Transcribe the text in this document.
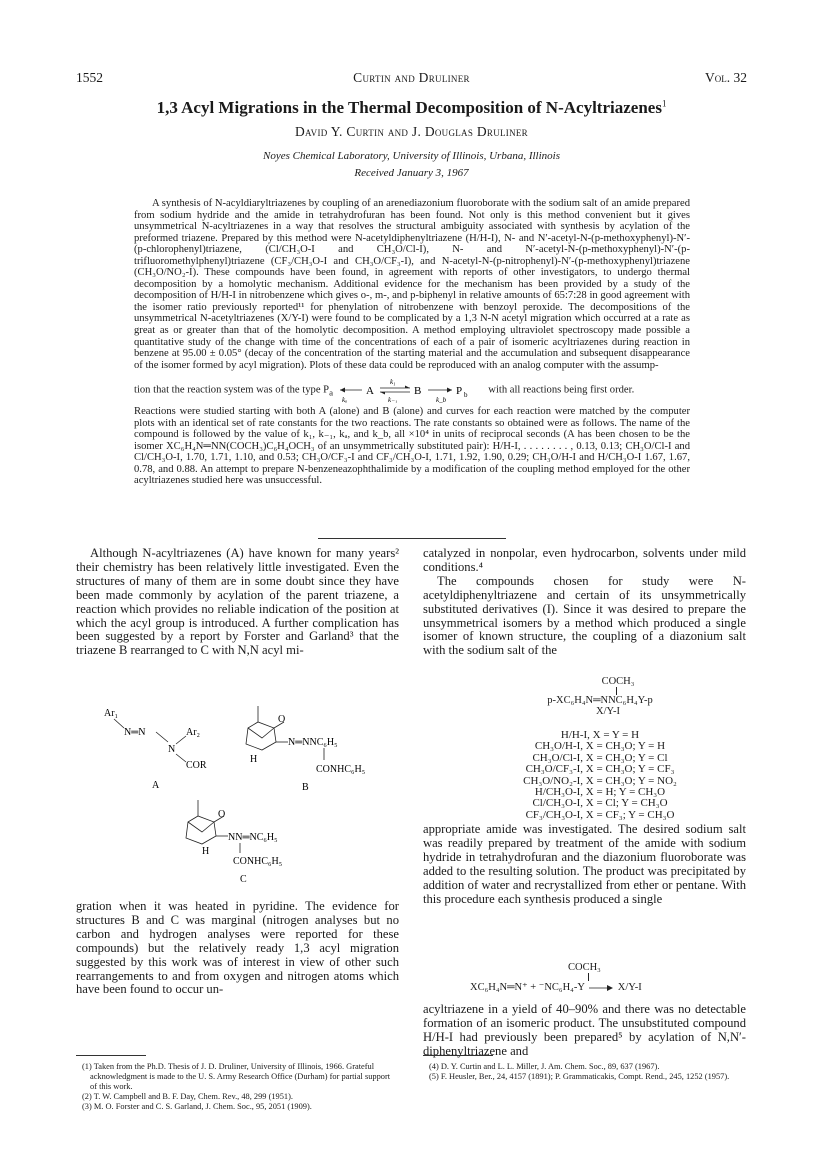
1552	Curtin and Druliner	Vol. 32
1,3 Acyl Migrations in the Thermal Decomposition of N-Acyltriazenes$^1$
David Y. Curtin and J. Douglas Druliner
Noyes Chemical Laboratory, University of Illinois, Urbana, Illinois
Received January 3, 1967

A synthesis of N-acyldiaryltriazenes by coupling of an arenediazonium fluoroborate with the sodium salt of an amide prepared from sodium hydride and the amide in tetrahydrofuran has been found. Not only is this method convenient but it gives unsymmetrical N-acyltriazenes in a way that resolves the structural ambiguity associated with synthesis by acylation of the preformed triazene. Prepared by this method were N-acetyldiphenyltriazene (H/H-I), N- and N′-acetyl-N-(p-methoxyphenyl)-N′-(p-chlorophenyl)triazene, (Cl/CH₃O-I and CH₃O/Cl-I), N- and N′-acetyl-N-(p-methoxyphenyl)-N′-(p-trifluoromethylphenyl)triazene (CF₃/CH₃O-I and CH₃O/CF₃-I), and N-acetyl-N-(p-nitrophenyl)-N′-(p-methoxyphenyl)triazene (CH₃O/NO₂-I). These compounds have been found, in agreement with reports of other investigators, to undergo thermal decomposition by a homolytic mechanism. Additional evidence for the mechanism has been provided by a study of the decomposition of H/H-I in nitrobenzene which gives o-, m-, and p-biphenyl in relative amounts of 65:7:28 in good agreement with the isomer ratio previously reported¹¹ for phenylation of nitrobenzene with benzoyl peroxide. The decompositions of the unsymmetrical N-acetyltriazenes (X/Y-I) were found to be complicated by a 1,3 N-N acetyl migration which occurred at a rate as great as or greater than that of the homolytic decomposition. A method employing ultraviolet spectroscopy made possible a quantitative study of the change with time of the concentrations of each of a pair of isomeric acyltriazenes during reaction in benzene at 95.00 ± 0.05° (decay of the concentration of the starting material and the accumulation and subsequent disappearance of the isomer formed by acyl migration). Plots of these data could be reproduced with an analog computer with the assump-

tion that the reaction system was of the type $P_a$
kₐ
A
k₁
k₋₁
B
k_b
P b with all reactions being first order.

Reactions were studied starting with both A (alone) and B (alone) and curves for each reaction were matched by the computer plots with an identical set of rate constants for the two reactions. The rate constants so obtained were as follows. The name of the compound is followed by the value of k₁, k₋₁, kₐ, and k_b, all ×10⁴ in units of reciprocal seconds (A has been chosen to be the isomer XC₆H₄N═NN(COCH₃)C₆H₄OCH₃ of an unsymmetrically substituted pair): H/H-I, . . . . . . . . , 0.13, 0.13; CH₃O/Cl-I and Cl/CH₃O-I, 1.70, 1.71, 1.10, and 0.53; CH₃O/CF₃-I and CF₃/CH₃O-I, 1.71, 1.92, 1.90, 0.29; CH₃O/H-I and H/CH₃O-I 1.67, 1.67, 0.78, and 0.88. An attempt to prepare N-benzeneazophthalimide by a modification of the coupling method employed for the other acyltriazenes studied here was unsuccessful.

Although N-acyltriazenes (A) have known for many years² their chemistry has been relatively little investigated. Even the structures of many of them are in some doubt since they have been made commonly by acylation of the parent triazene, a reaction which provides no reliable indication of the position at which the acyl group is introduced. A further complication has been suggested by a report by Forster and Garland³ that the triazene B rearranged to C with N,N acyl mi-

Ar₁
N═N
N
Ar₂
COR
A
O
N═NNC₆H₅
H
CONHC₆H₅
B
O
NN═NC₆H₅
H
CONHC₆H₅
C

gration when it was heated in pyridine. The evidence for structures B and C was marginal (nitrogen analyses but no carbon and hydrogen analyses were reported for these compounds) but the relatively ready 1,3 acyl migration suggested by this work was of interest in view of other such rearrangements to and from oxygen and nitrogen atoms which have been found to occur un-

catalyzed in nonpolar, even hydrocarbon, solvents under mild conditions.⁴

The compounds chosen for study were N-acetyldiphenyltriazene and certain of its unsymmetrically substituted derivatives (I). Since it was desired to prepare the unsymmetrical isomers by a method which produced a single isomer of known structure, the coupling of a diazonium salt with the sodium salt of the

COCH₃
p-XC₆H₄N═NNC₆H₄Y-p
X/Y-I
H/H-I, X = Y = H
CH₃O/H-I, X = CH₃O; Y = H
CH₃O/Cl-I, X = CH₃O; Y = Cl
CH₃O/CF₃-I, X = CH₃O; Y = CF₃
CH₃O/NO₂-I, X = CH₃O; Y = NO₂
H/CH₃O-I, X = H; Y = CH₃O
Cl/CH₃O-I, X = Cl; Y = CH₃O
CF₃/CH₃O-I, X = CF₃; Y = CH₃O

appropriate amide was investigated. The desired sodium salt was readily prepared by treatment of the amide with sodium hydride in tetrahydrofuran and the diazonium fluoroborate was added to the resulting solution. The product was precipitated by addition of water and recrystallized from ether or pentane. With this procedure each synthesis produced a single

COCH₃
XC₆H₄N═N⁺ + ⁻NC₆H₄-Y → X/Y-I

acyltriazene in a yield of 40–90% and there was no detectable formation of an isomeric product. The unsubstituted compound H/H-I had previously been prepared⁵ by acylation of N,N′-diphenyltriazene and

(1) Taken from the Ph.D. Thesis of J. D. Druliner, University of Illinois, 1966. Grateful acknowledgment is made to the U. S. Army Research Office (Durham) for partial support of this work.

(2) T. W. Campbell and B. F. Day, Chem. Rev., 48, 299 (1951).

(3) M. O. Forster and C. S. Garland, J. Chem. Soc., 95, 2051 (1909).

(4) D. Y. Curtin and L. L. Miller, J. Am. Chem. Soc., 89, 637 (1967).

(5) F. Heusler, Ber., 24, 4157 (1891); P. Grammaticakis, Compt. Rend., 245, 1252 (1957).
